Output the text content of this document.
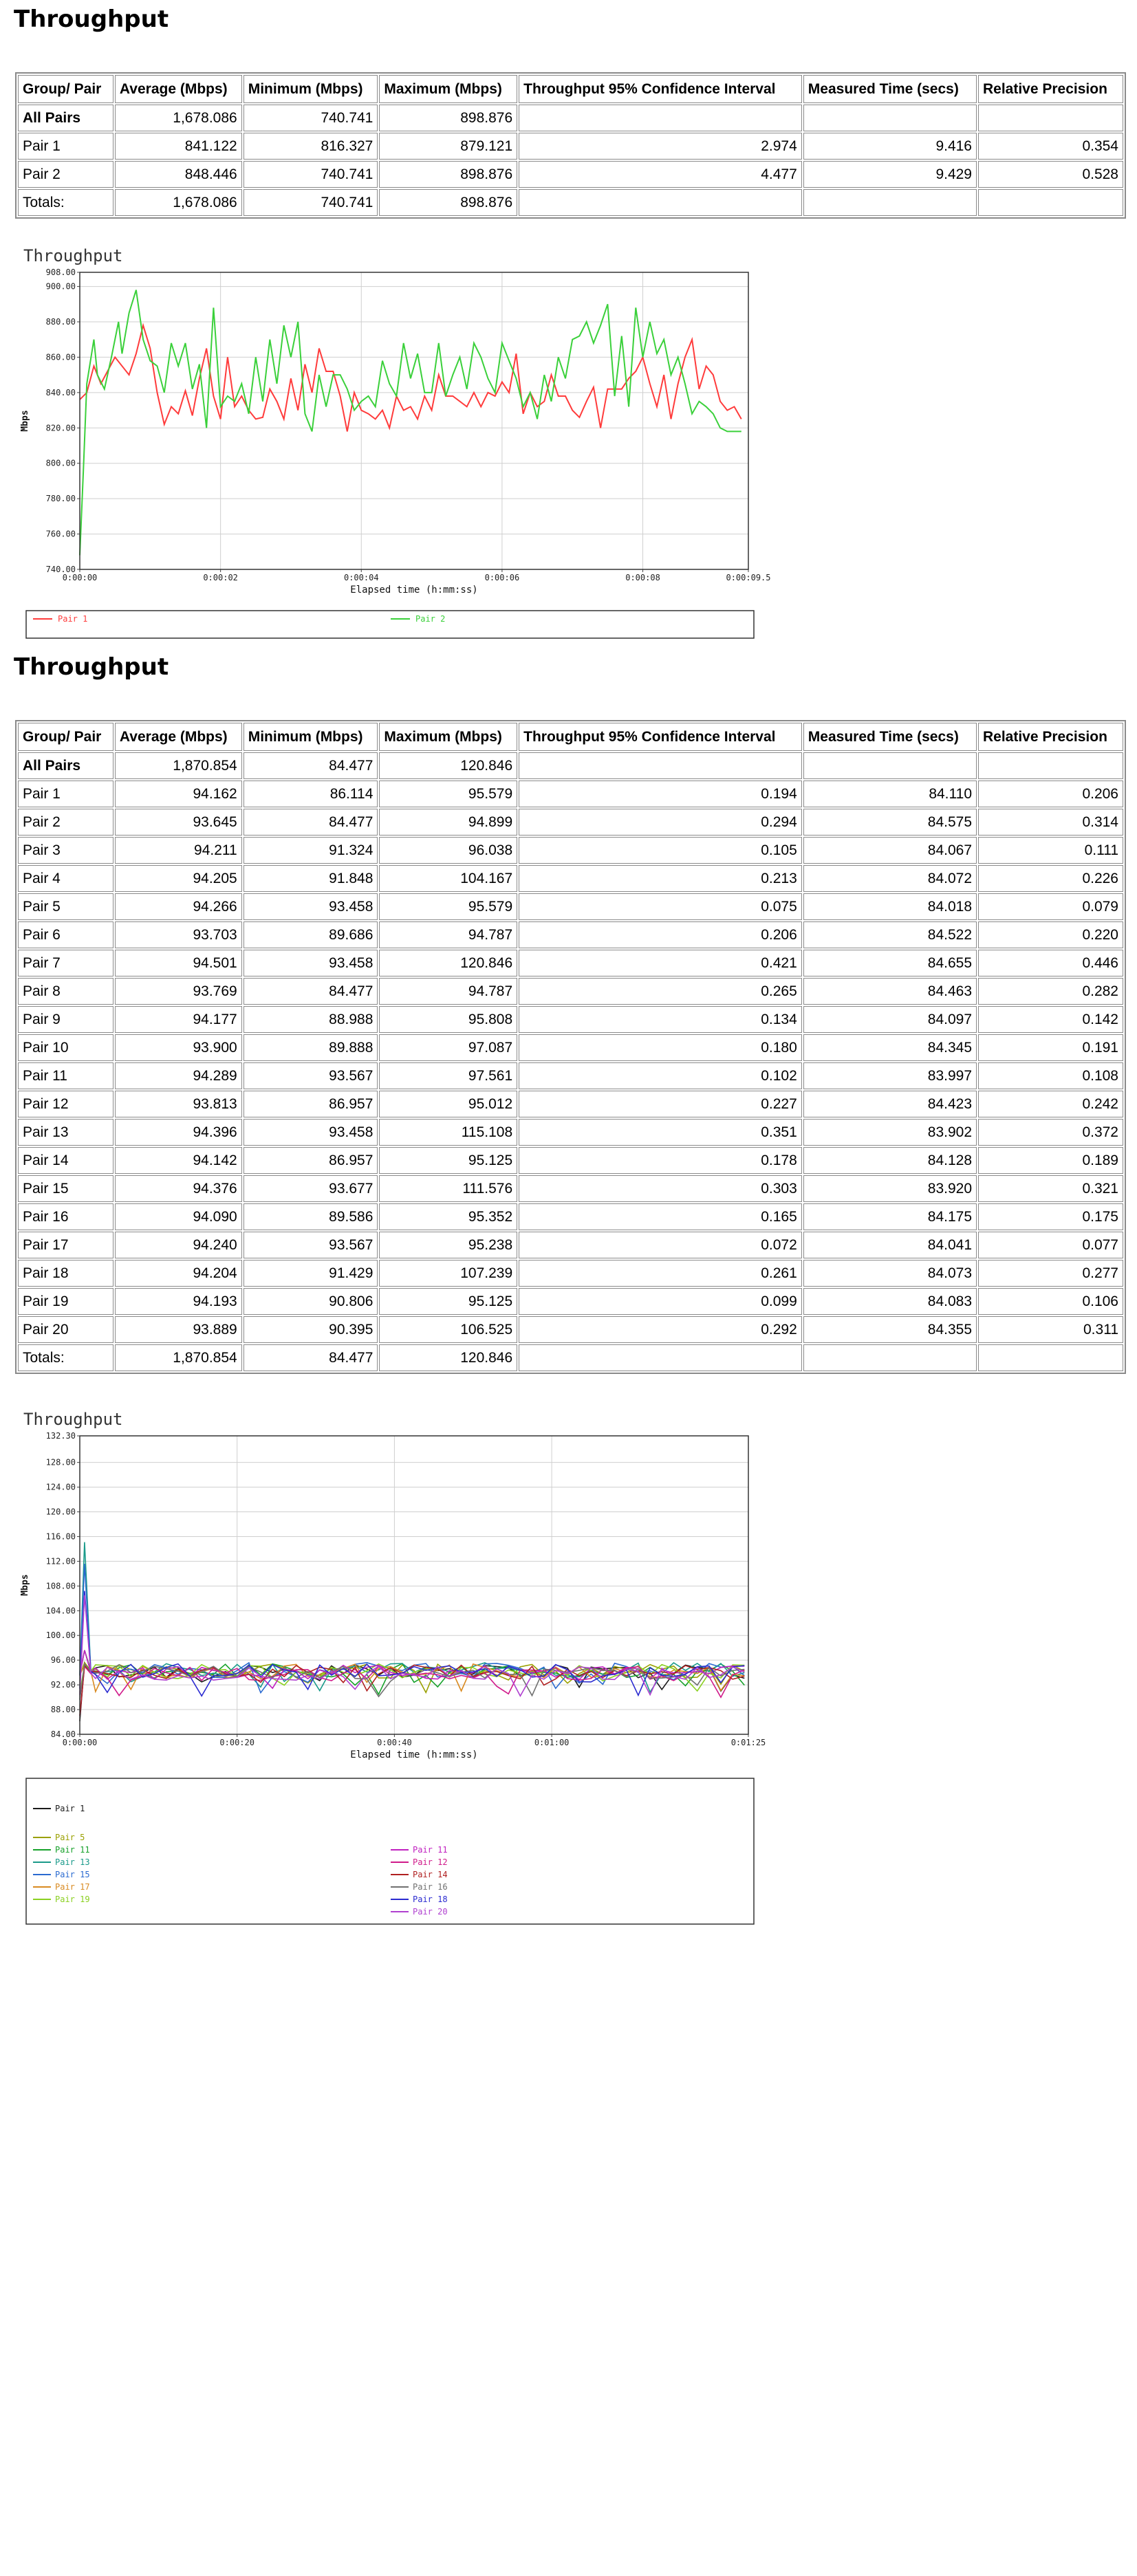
Throughput
Group/ Pair	Average (Mbps)	Minimum (Mbps)	Maximum (Mbps)	Throughput 95% Confidence Interval	Measured Time (secs)	Relative Precision
All Pairs	1,678.086	740.741	898.876			
Pair 1	841.122	816.327	879.121	2.974	9.416	0.354
Pair 2	848.446	740.741	898.876	4.477	9.429	0.528
Totals:	1,678.086	740.741	898.876			
Throughput
740.00
760.00
780.00
800.00
820.00
840.00
860.00
880.00
900.00
908.00
0:00:00	0:00:02	0:00:04	0:00:06	0:00:08	0:00:09.5
Elapsed time (h:mm:ss)
Mbps
Pair 1	Pair 2
Throughput
Group/ Pair	Average (Mbps)	Minimum (Mbps)	Maximum (Mbps)	Throughput 95% Confidence Interval	Measured Time (secs)	Relative Precision
All Pairs	1,870.854	84.477	120.846			
Pair 1	94.162	86.114	95.579	0.194	84.110	0.206
Pair 2	93.645	84.477	94.899	0.294	84.575	0.314
Pair 3	94.211	91.324	96.038	0.105	84.067	0.111
Pair 4	94.205	91.848	104.167	0.213	84.072	0.226
Pair 5	94.266	93.458	95.579	0.075	84.018	0.079
Pair 6	93.703	89.686	94.787	0.206	84.522	0.220
Pair 7	94.501	93.458	120.846	0.421	84.655	0.446
Pair 8	93.769	84.477	94.787	0.265	84.463	0.282
Pair 9	94.177	88.988	95.808	0.134	84.097	0.142
Pair 10	93.900	89.888	97.087	0.180	84.345	0.191
Pair 11	94.289	93.567	97.561	0.102	83.997	0.108
Pair 12	93.813	86.957	95.012	0.227	84.423	0.242
Pair 13	94.396	93.458	115.108	0.351	83.902	0.372
Pair 14	94.142	86.957	95.125	0.178	84.128	0.189
Pair 15	94.376	93.677	111.576	0.303	83.920	0.321
Pair 16	94.090	89.586	95.352	0.165	84.175	0.175
Pair 17	94.240	93.567	95.238	0.072	84.041	0.077
Pair 18	94.204	91.429	107.239	0.261	84.073	0.277
Pair 19	94.193	90.806	95.125	0.099	84.083	0.106
Pair 20	93.889	90.395	106.525	0.292	84.355	0.311
Totals:	1,870.854	84.477	120.846			
Throughput
84.00
88.00
92.00
96.00
100.00
104.00
108.00
112.00
116.00
120.00
124.00
128.00
132.30
0:00:00	0:00:20	0:00:40	0:01:00	0:01:25
Elapsed time (h:mm:ss)
Mbps
Pair 1
Pair 5
Pair 11
Pair 13
Pair 15
Pair 17
Pair 19
Pair 11
Pair 12
Pair 14
Pair 16
Pair 18
Pair 20
